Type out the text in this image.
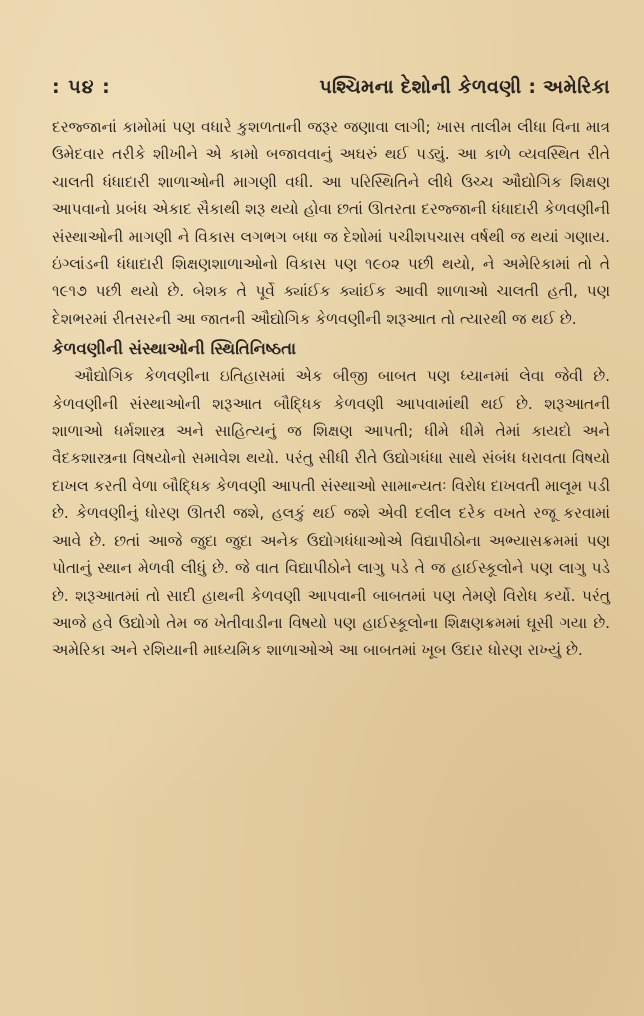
: ૫૪ :	પશ્ચિમના દેશોની કેળવણી : અમેરિકા

દરજ્જાનાં કામોમાં પણ વધારે કુશળતાની જરૂર જણાવા લાગી; ખાસ તાલીમ લીધા વિના માત્ર ઉમેદવાર તરીકે શીખીને એ કામો બજાવવાનું અઘરું થઈ પડ્યું. આ કાળે વ્યવસ્થિત રીતે ચાલતી ધંધાદારી શાળાઓની માગણી વધી. આ પરિસ્થિતિને લીધે ઉચ્ચ ઔદ્યોગિક શિક્ષણ આપવાનો પ્રબંધ એકાદ સૈકાથી શરૂ થયો હોવા છતાં ઊતરતા દરજ્જાની ધંધાદારી કેળવણીની સંસ્થાઓની માગણી ને વિકાસ લગભગ બધા જ દેશોમાં પચીશપચાસ વર્ષથી જ થયાં ગણાય. ઇંગ્લાંડની ધંધાદારી શિક્ષણશાળાઓનો વિકાસ પણ ૧૯૦૨ પછી થયો, ને અમેરિકામાં તો તે ૧૯૧૭ પછી થયો છે. બેશક તે પૂર્વે ક્યાંઈક ક્યાંઈક આવી શાળાઓ ચાલતી હતી, પણ દેશભરમાં રીતસરની આ જાતની ઔદ્યોગિક કેળવણીની શરૂઆત તો ત્યારથી જ થઈ છે.

કેળવણીની સંસ્થાઓની સ્થિતિનિષ્ઠતા

ઔદ્યોગિક કેળવણીના ઇતિહાસમાં એક બીજી બાબત પણ ધ્યાનમાં લેવા જેવી છે. કેળવણીની સંસ્થાઓની શરૂઆત બૌદ્ધિક કેળવણી આપવામાંથી થઈ છે. શરૂઆતની શાળાઓ ધર્મશાસ્ત્ર અને સાહિત્યનું જ શિક્ષણ આપતી; ધીમે ધીમે તેમાં કાયદો અને વૈદકશાસ્ત્રના વિષયોનો સમાવેશ થયો. પરંતુ સીધી રીતે ઉદ્યોગધંધા સાથે સંબંધ ધરાવતા વિષયો દાખલ કરતી વેળા બૌદ્ધિક કેળવણી આપતી સંસ્થાઓ સામાન્યતઃ વિરોધ દાખવતી માલૂમ પડી છે. કેળવણીનું ધોરણ ઊતરી જશે, હલકું થઈ જશે એવી દલીલ દરેક વખતે રજૂ કરવામાં આવે છે. છતાં આજે જુદા જુદા અનેક ઉદ્યોગધંધાઓએ વિદ્યાપીઠોના અભ્યાસક્રમમાં પણ પોતાનું સ્થાન મેળવી લીધું છે. જે વાત વિદ્યાપીઠોને લાગુ પડે તે જ હાઈસ્કૂલોને પણ લાગુ પડે છે. શરૂઆતમાં તો સાદી હાથની કેળવણી આપવાની બાબતમાં પણ તેમણે વિરોધ કર્યો. પરંતુ આજે હવે ઉદ્યોગો તેમ જ ખેતીવાડીના વિષયો પણ હાઈસ્કૂલોના શિક્ષણક્રમમાં ઘૂસી ગયા છે. અમેરિકા અને રશિયાની માધ્યમિક શાળાઓએ આ બાબતમાં ખૂબ ઉદાર ધોરણ રાખ્યું છે.
